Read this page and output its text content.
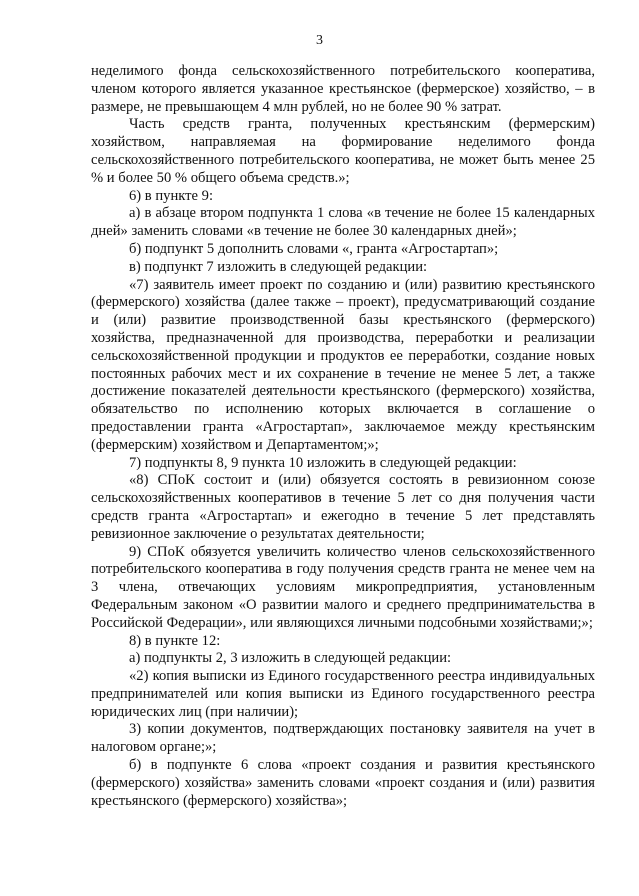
3

неделимого фонда сельскохозяйственного потребительского кооператива, членом которого является указанное крестьянское (фермерское) хозяйство, – в размере, не превышающем 4 млн рублей, но не более 90 % затрат.

Часть средств гранта, полученных крестьянским (фермерским) хозяйством, направляемая на формирование неделимого фонда сельскохозяйственного потребительского кооператива, не может быть менее 25 % и более 50 % общего объема средств.»;

6) в пункте 9:

а) в абзаце втором подпункта 1 слова «в течение не более 15 календарных дней» заменить словами «в течение не более 30 календарных дней»;

б) подпункт 5 дополнить словами «, гранта «Агростартап»;

в) подпункт 7 изложить в следующей редакции:

«7) заявитель имеет проект по созданию и (или) развитию крестьянского (фермерского) хозяйства (далее также – проект), предусматривающий создание и (или) развитие производственной базы крестьянского (фермерского) хозяйства, предназначенной для производства, переработки и реализации сельскохозяйственной продукции и продуктов ее переработки, создание новых постоянных рабочих мест и их сохранение в течение не менее 5 лет, а также достижение показателей деятельности крестьянского (фермерского) хозяйства, обязательство по исполнению которых включается в соглашение о предоставлении гранта «Агростартап», заключаемое между крестьянским (фермерским) хозяйством и Департаментом;»;

7) подпункты 8, 9 пункта 10 изложить в следующей редакции:

«8) СПоК состоит и (или) обязуется состоять в ревизионном союзе сельскохозяйственных кооперативов в течение 5 лет со дня получения части средств гранта «Агростартап» и ежегодно в течение 5 лет представлять ревизионное заключение о результатах деятельности;

9) СПоК обязуется увеличить количество членов сельскохозяйственного потребительского кооператива в году получения средств гранта не менее чем на 3 члена, отвечающих условиям микропредприятия, установленным Федеральным законом «О развитии малого и среднего предпринимательства в Российской Федерации», или являющихся личными подсобными хозяйствами;»;

8) в пункте 12:

а) подпункты 2, 3 изложить в следующей редакции:

«2) копия выписки из Единого государственного реестра индивидуальных предпринимателей или копия выписки из Единого государственного реестра юридических лиц (при наличии);

3) копии документов, подтверждающих постановку заявителя на учет в налоговом органе;»;

б) в подпункте 6 слова «проект создания и развития крестьянского (фермерского) хозяйства» заменить словами «проект создания и (или) развития крестьянского (фермерского) хозяйства»;
